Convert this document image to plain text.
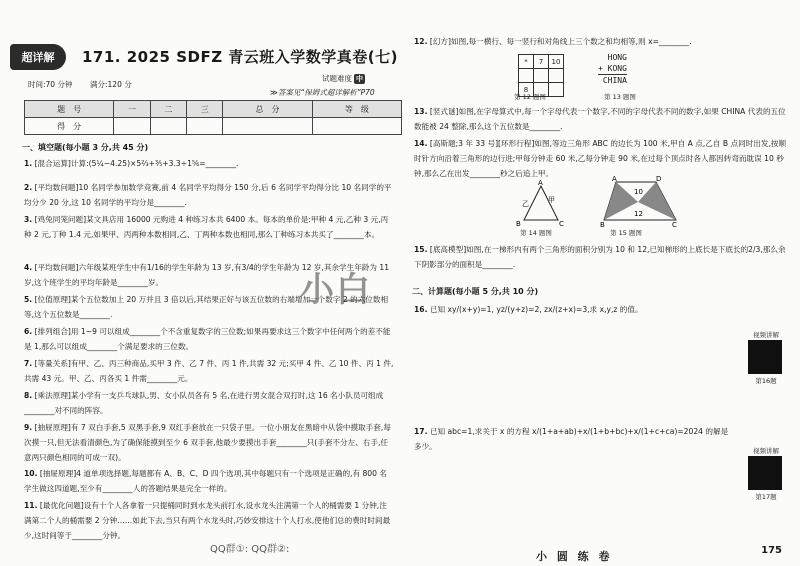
超详解	171. 2025 SDFZ 青云班入学数学真卷(七)
试题难度 中
时间:70 分钟 满分:120 分
≫答案见“保姆式超详解析”P70
题　号	一	二	三	总　分	等　级
得　分					
一、填空题(每小题 3 分,共 45 分)
1. [混合运算]计算:(5¼−4.25)×5⅔+⅗+3.3÷1⅚=________.
2. [平均数问题]10 名同学参加数学竞赛,前 4 名同学平均得分 150 分,后 6 名同学平均得分比 10 名同学的平均分少 20 分,这 10 名同学的平均分是________.
3. [鸡兔同笼问题]某文具店用 16000 元购进 4 种练习本共 6400 本。每本的单价是:甲种 4 元,乙种 3 元,丙种 2 元,丁种 1.4 元,如果甲、丙两种本数相同,乙、丁两种本数也相同,那么丁种练习本共买了________本。
4. [平均数问题]六年级某班学生中有1/16的学生年龄为 13 岁,有3/4的学生年龄为 12 岁,其余学生年龄为 11 岁,这个班学生的平均年龄是________岁。
5. [位值原理]某个五位数加上 20 万并且 3 倍以后,其结果正好与该五位数的右端增加一个数字 2 的六位数相等,这个五位数是________.
6. [排列组合]用 1~9 可以组成________个不含重复数字的三位数;如果再要求这三个数字中任何两个的差不能是 1,那么可以组成________个满足要求的三位数。
7. [等量关系]有甲、乙、丙三种商品,买甲 3 件、乙 7 件、丙 1 件,共需 32 元;买甲 4 件、乙 10 件、丙 1 件,共需 43 元。甲、乙、丙各买 1 件需________元。
8. [乘法原理]某小学有一支乒乓球队,男、女小队员各有 5 名,在进行男女混合双打时,这 16 名小队员可组成________对不同的阵容。
9. [抽屉原理]有 7 双白手套,5 双黑手套,9 双红手套放在一只袋子里。一位小朋友在黑暗中从袋中摸取手套,每次摸一只,但无法看清颜色,为了确保能摸到至少 6 双手套,他最少要摸出手套________只(手套不分左、右手,任意两只颜色相同的可成一双)。
10. [抽屉原理]4 道单项选择题,每题都有 A、B、C、D 四个选项,其中每题只有一个选项是正确的,有 800 名学生做这四道题,至少有________人的答题结果是完全一样的。
11. [最优化问题]设有十个人各拿着一只提桶同时到水龙头前打水,设水龙头注满第一个人的桶需要 1 分钟,注满第二个人的桶需要 2 分钟……如此下去,当只有两个水龙头时,巧妙安排这十个人打水,使他们总的费时时间最少,这时间等于________分钟。
QQ群①: QQ群②:
12. [幻方]如图,每一横行、每一竖行和对角线上三个数之和均相等,则 x=________.
*	7	10

8		
第 12 题图
HONG
+ KONG
CHINA
第 13 题图
13. [竖式谜]如图,在字母算式中,每一个字母代表一个数字,不同的字母代表不同的数字,如果 CHINA 代表的五位数能被 24 整除,那么这个五位数是________.
14. [高斯题;3 年 33 号][环形行程]如图,等边三角形 ABC 的边长为 100 米,甲自 A 点,乙自 B 点同时出发,按顺时针方向沿着三角形的边行进;甲每分钟走 60 米,乙每分钟走 90 米,在过每个顶点时各人都因转弯而耽误 10 秒钟,那么乙在出发________秒之后追上甲。
A
B	C
乙	甲
第 14 题图
A	D
B	C
10
12
第 15 题图
15. [底高模型]如图,在一梯形内有两个三角形的面积分别为 10 和 12,已知梯形的上底长是下底长的2/3,那么余下阴影部分的面积是________.
二、计算题(每小题 5 分,共 10 分)
16. 已知 xy/(x+y)=1, yz/(y+z)=2, zx/(z+x)=3,求 x,y,z 的值。
视频讲解
第16题
17. 已知 abc=1,求关于 x 的方程 x/(1+a+ab)+x/(1+b+bc)+x/(1+c+ca)=2024 的解是多少。	视频讲解
第17题
小白
小 圆 练 卷	175
